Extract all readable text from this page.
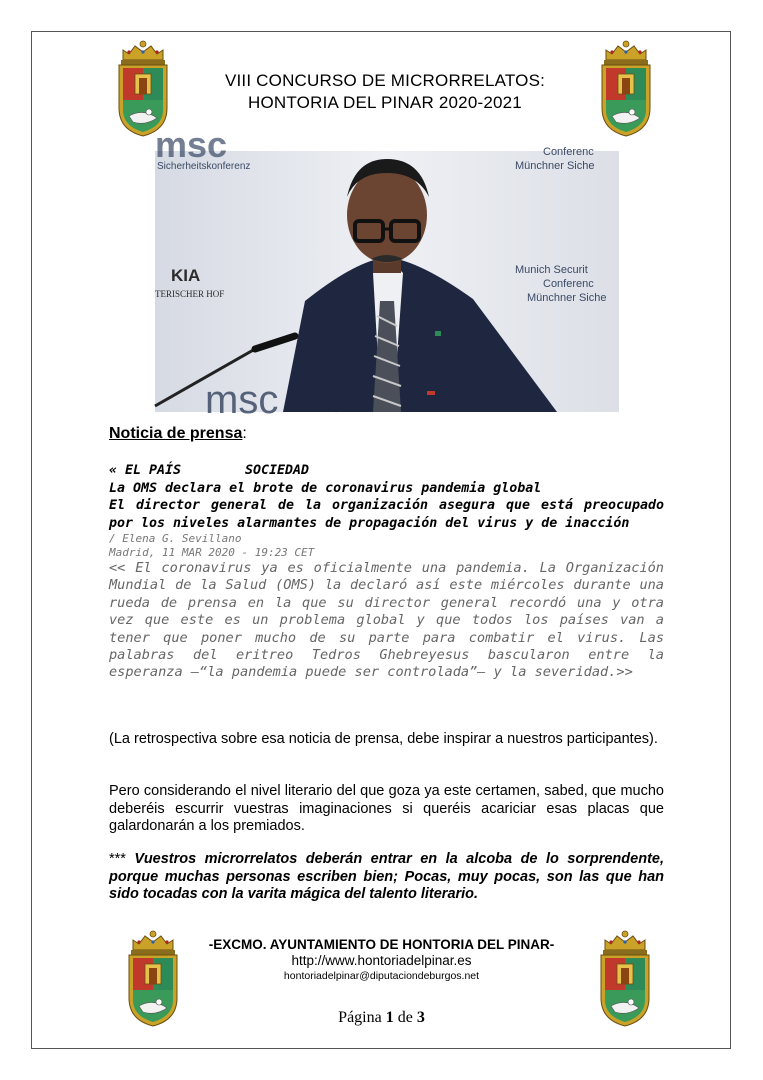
VIII CONCURSO DE MICRORRELATOS:
HONTORIA DEL PINAR 2020-2021
msc
Sicherheitskonferenz
Conferenc
Münchner Siche
Munich Securit
Conferenc
Münchner Siche
KIA
TERISCHER HOF
msc
Noticia de prensa:
« EL PAÍS	SOCIEDAD
La OMS declara el brote de coronavirus pandemia global
El director general de la organización asegura que está preocupado por los niveles alarmantes de propagación del virus y de inacción
/ Elena G. Sevillano
Madrid, 11 MAR 2020 - 19:23 CET
<< El coronavirus ya es oficialmente una pandemia. La Organización Mundial de la Salud (OMS) la declaró así este miércoles durante una rueda de prensa en la que su director general recordó una y otra vez que este es un problema global y que todos los países van a tener que poner mucho de su parte para combatir el virus. Las palabras del eritreo Tedros Ghebreyesus bascularon entre la esperanza —“la pandemia puede ser controlada”— y la severidad.>>
(La retrospectiva sobre esa noticia de prensa, debe inspirar a nuestros participantes).
Pero considerando el nivel literario del que goza ya este certamen, sabed, que mucho deberéis escurrir vuestras imaginaciones si queréis acariciar esas placas que galardonarán a los premiados.
*** Vuestros microrrelatos deberán entrar en la alcoba de lo sorprendente, porque muchas personas escriben bien; Pocas, muy pocas, son las que han sido tocadas con la varita mágica del talento literario.
-EXCMO. AYUNTAMIENTO DE HONTORIA DEL PINAR-
http://www.hontoriadelpinar.es
hontoriadelpinar@diputaciondeburgos.net
Página 1 de 3
